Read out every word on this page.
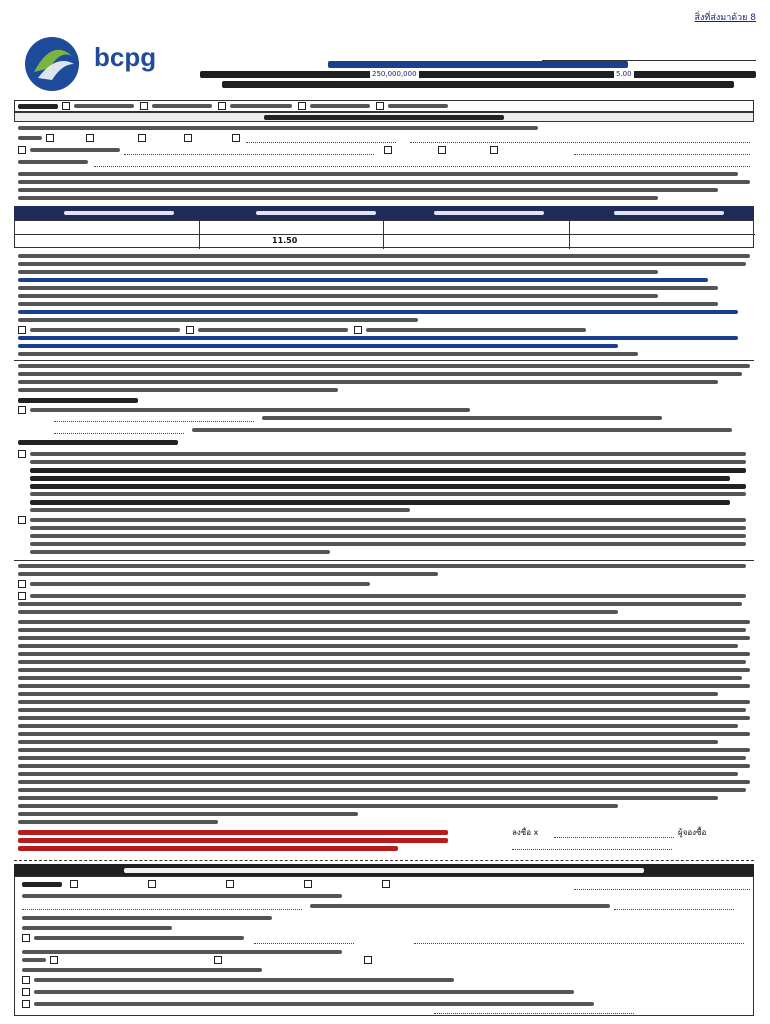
สิ่งที่ส่งมาด้วย 8
bcpg
250,000,000	5.00
11.50
ลงชื่อ x	ผู้จองซื้อ
